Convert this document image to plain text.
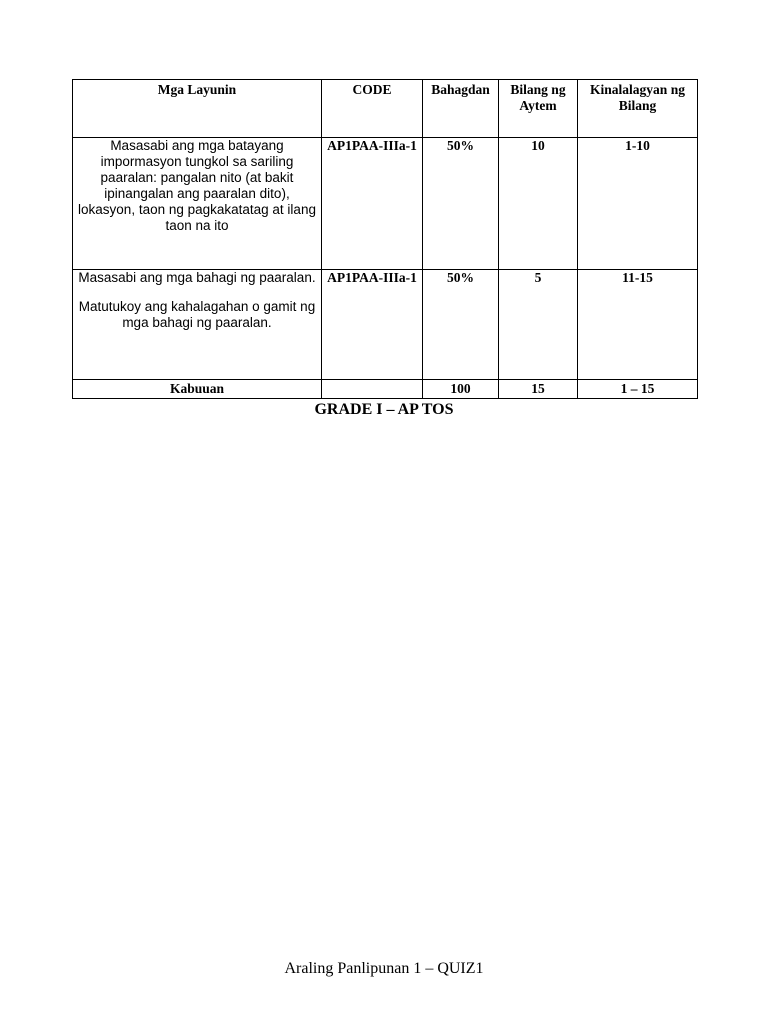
Mga Layunin	CODE	Bahagdan	Bilang ng Aytem	Kinalalagyan ng Bilang
Masasabi ang mga batayang impormasyon tungkol sa sariling paaralan: pangalan nito (at bakit ipinangalan ang paaralan dito), lokasyon, taon ng pagkakatatag at ilang taon na ito	AP1PAA-IIIa-1	50%	10	1-10

Masasabi ang mga bahagi ng paaralan.

Matutukoy ang kahalagahan o gamit ng mga bahagi ng paaralan.	AP1PAA-IIIa-1	50%	5	11-15
Kabuuan		100	15	1 – 15
GRADE I – AP TOS
Araling Panlipunan 1 – QUIZ1
